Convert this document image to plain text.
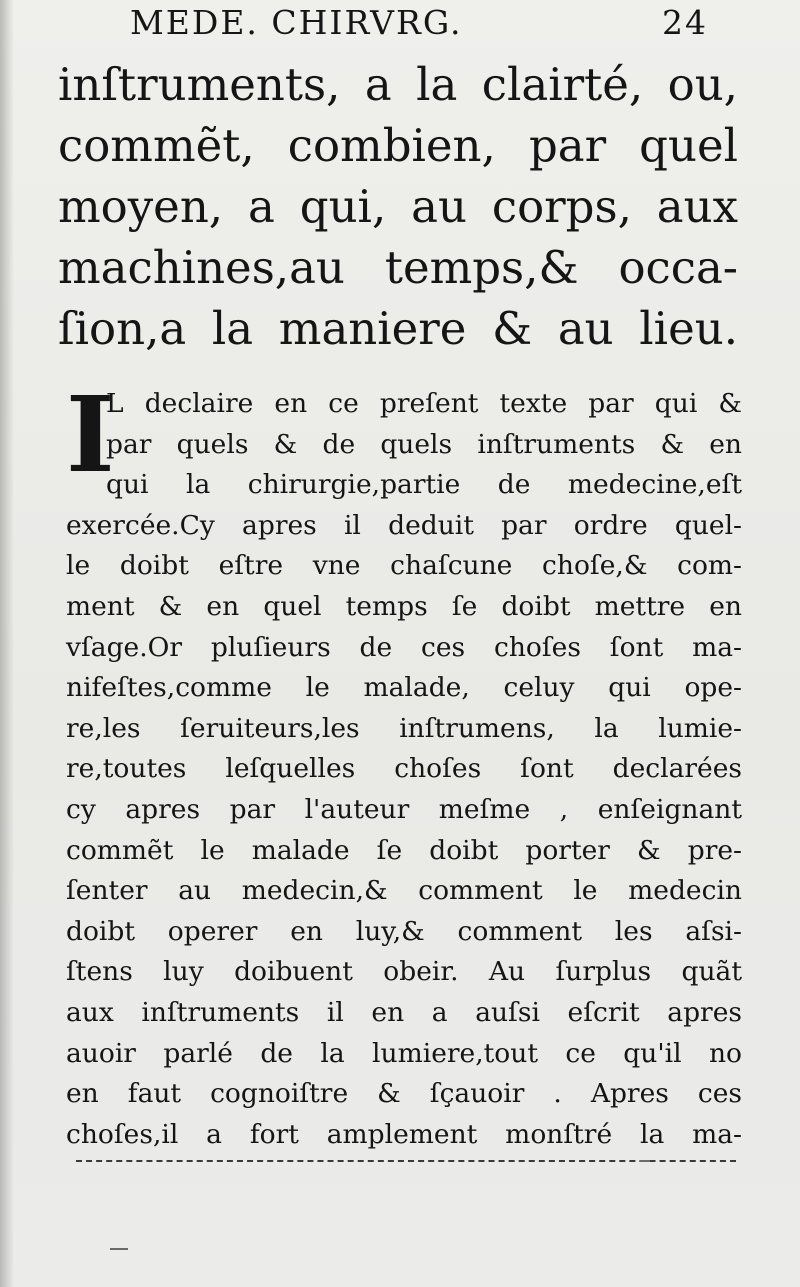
MEDE. CHIRVRG.	24
inſtruments, a la clairté, ou,
commẽt, combien, par quel
moyen, a qui, au corps, aux
machines,au temps,& occa-
ſion,a la maniere & au lieu.
I
L declaire en ce preſent texte par qui &
par quels & de quels inſtruments & en
qui la chirurgie,partie de medecine,eſt
exercée.Cy apres il deduit par ordre quel-
le doibt eſtre vne chaſcune choſe,& com-
ment & en quel temps ſe doibt mettre en
vſage.Or pluſieurs de ces choſes ſont ma-
nifeſtes,comme le malade, celuy qui ope-
re,les ſeruiteurs,les inſtrumens, la lumie-
re,toutes leſquelles choſes ſont declarées
cy apres par l'auteur meſme , enſeignant
commẽt le malade ſe doibt porter & pre-
ſenter au medecin,& comment le medecin
doibt operer en luy,& comment les aſsi-
ſtens luy doibuent obeir. Au ſurplus quãt
aux inſtruments il en a auſsi eſcrit apres
auoir parlé de la lumiere,tout ce qu'il no
en faut cognoiſtre & ſçauoir . Apres ces
choſes,il a fort amplement monſtré la ma-
